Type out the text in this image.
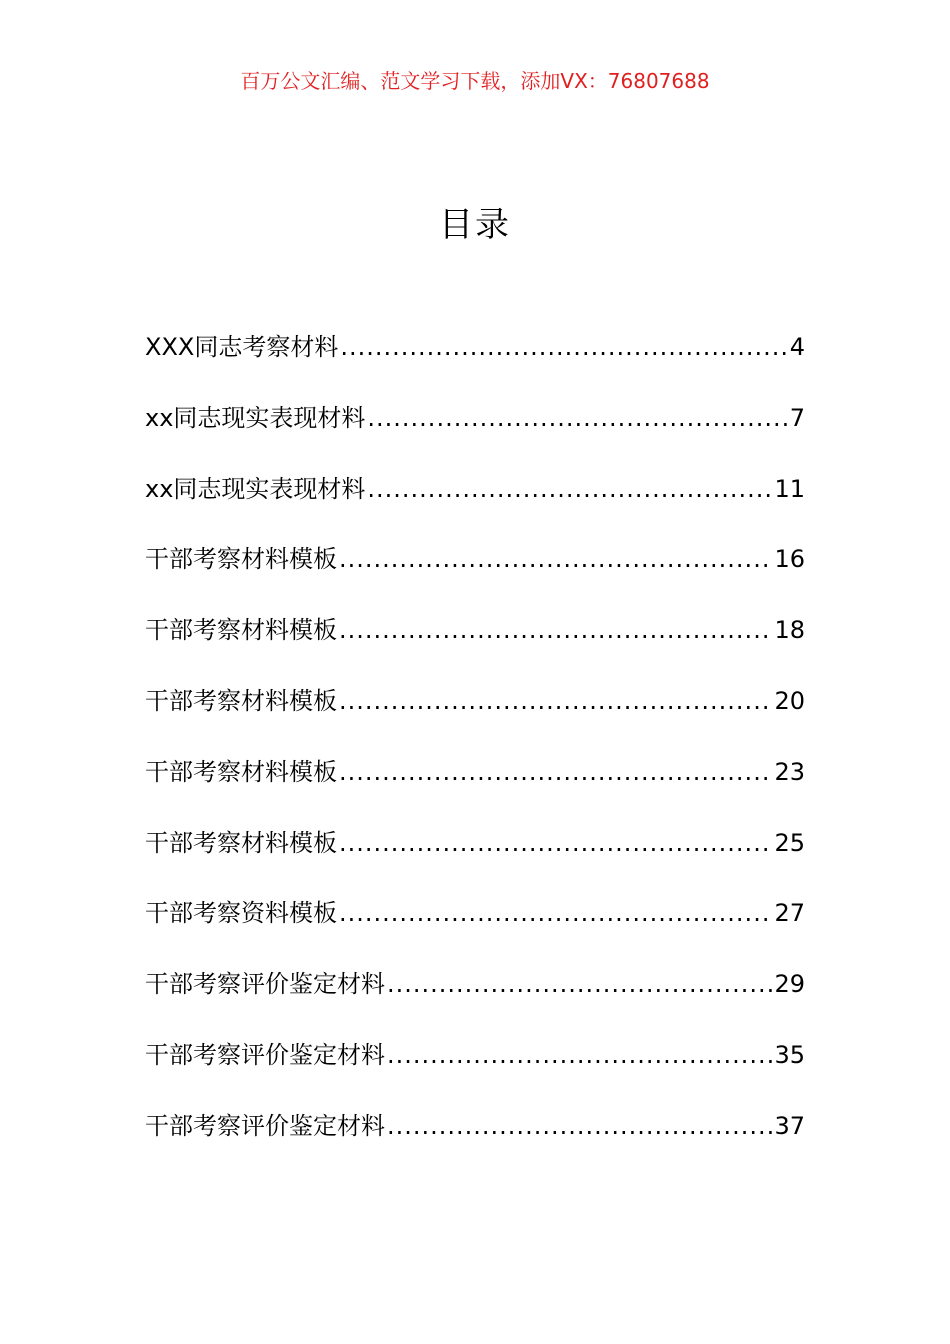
百万公文汇编、范文学习下载，添加VX：76807688
目录
XXX同志考察材料 .....	4
xx同志现实表现材料 .....	7
xx同志现实表现材料 .....	11
干部考察材料模板 .....	16
干部考察材料模板 .....	18
干部考察材料模板 .....	20
干部考察材料模板 .....	23
干部考察材料模板 .....	25
干部考察资料模板 .....	27
干部考察评价鉴定材料 .....	29
干部考察评价鉴定材料 .....	35
干部考察评价鉴定材料 .....	37
